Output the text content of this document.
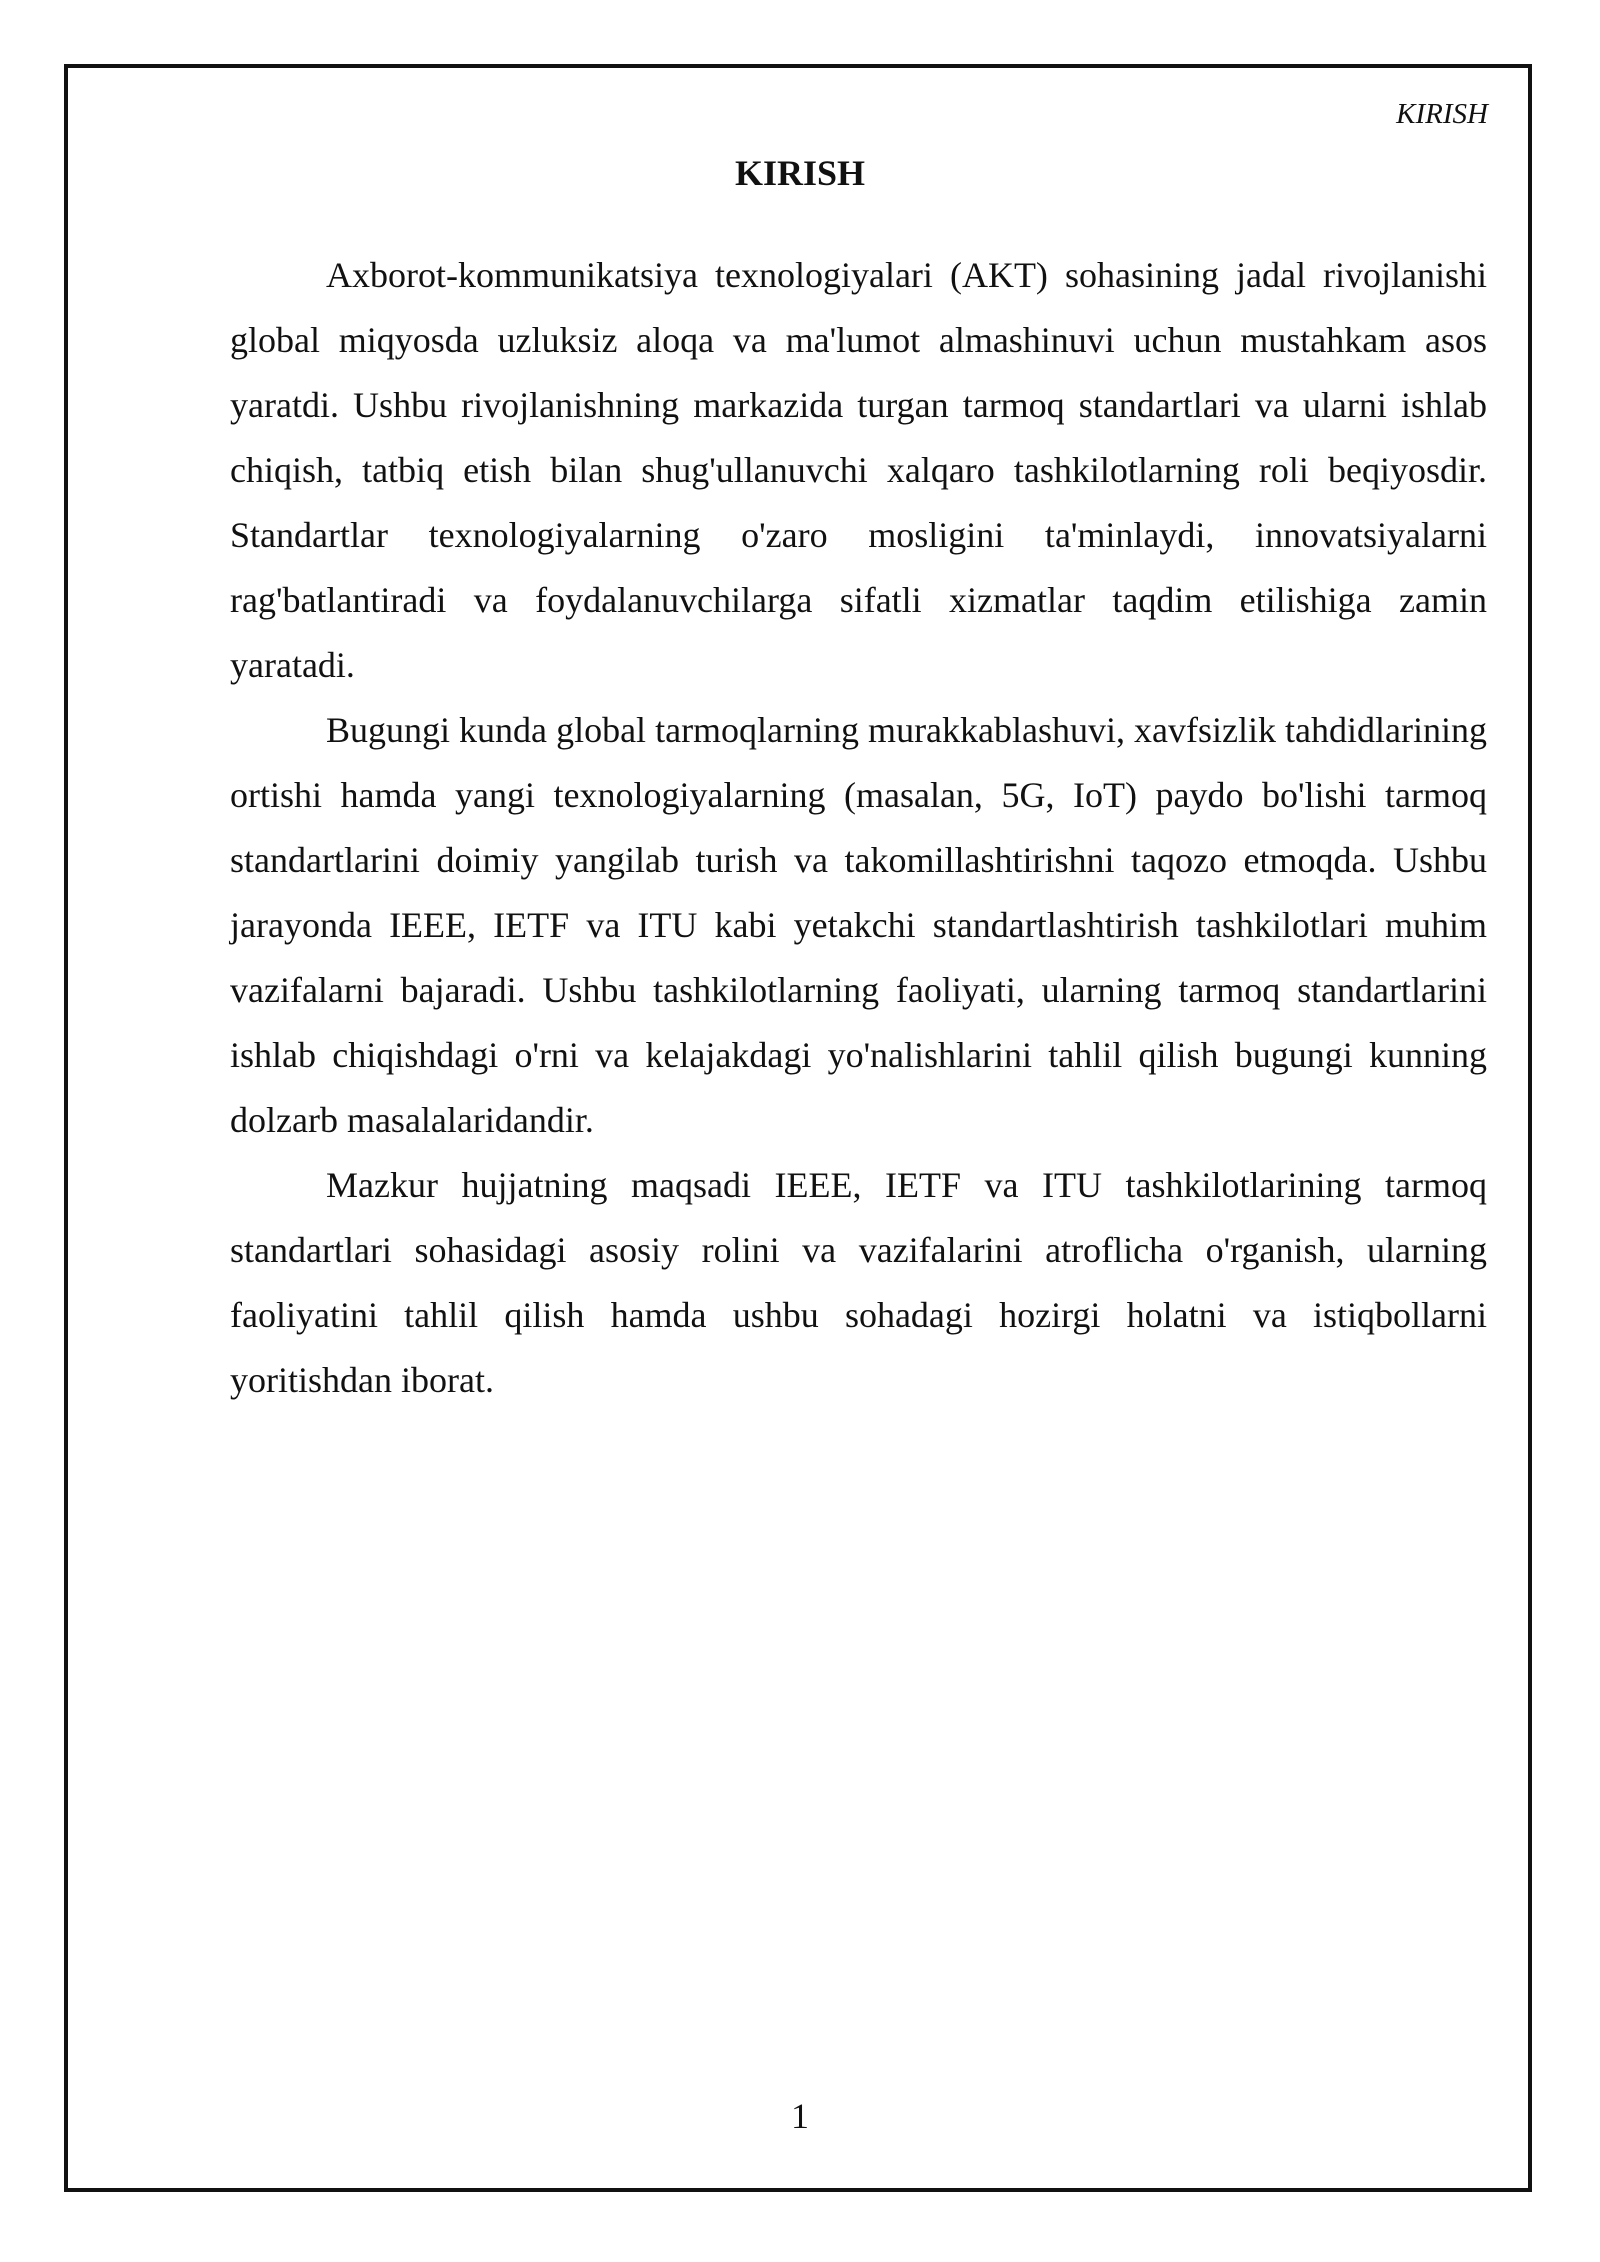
KIRISH
KIRISH

Axborot-kommunikatsiya texnologiyalari (AKT) sohasining jadal rivojlanishi global miqyosda uzluksiz aloqa va ma'lumot almashinuvi uchun mustahkam asos yaratdi. Ushbu rivojlanishning markazida turgan tarmoq standartlari va ularni ishlab chiqish, tatbiq etish bilan shug'ullanuvchi xalqaro tashkilotlarning roli beqiyosdir. Standartlar texnologiyalarning o'zaro mosligini ta'minlaydi, innovatsiyalarni rag'batlantiradi va foydalanuvchilarga sifatli xizmatlar taqdim etilishiga zamin yaratadi.

Bugungi kunda global tarmoqlarning murakkablashuvi, xavfsizlik tahdidlarining ortishi hamda yangi texnologiyalarning (masalan, 5G, IoT) paydo bo'lishi tarmoq standartlarini doimiy yangilab turish va takomillashtirishni taqozo etmoqda. Ushbu jarayonda IEEE, IETF va ITU kabi yetakchi standartlashtirish tashkilotlari muhim vazifalarni bajaradi. Ushbu tashkilotlarning faoliyati, ularning tarmoq standartlarini ishlab chiqishdagi o'rni va kelajakdagi yo'nalishlarini tahlil qilish bugungi kunning dolzarb masalalaridandir.

Mazkur hujjatning maqsadi IEEE, IETF va ITU tashkilotlarining tarmoq standartlari sohasidagi asosiy rolini va vazifalarini atroflicha o'rganish, ularning faoliyatini tahlil qilish hamda ushbu sohadagi hozirgi holatni va istiqbollarni yoritishdan iborat.

1
